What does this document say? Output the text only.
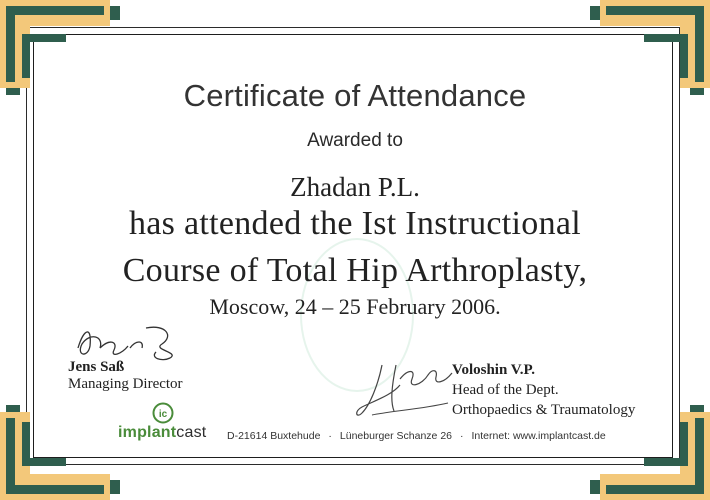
Certificate of Attendance
Awarded to
Zhadan P.L.
has attended the Ist Instructional
Course of Total Hip Arthroplasty,
Moscow, 24 – 25 February 2006.
Jens Saß
Managing Director
Voloshin V.P.
Head of the Dept.
Orthopaedics & Traumatology
ic
implantcast D-21614 Buxtehude · Lüneburger Schanze 26 · Internet: www.implantcast.de
